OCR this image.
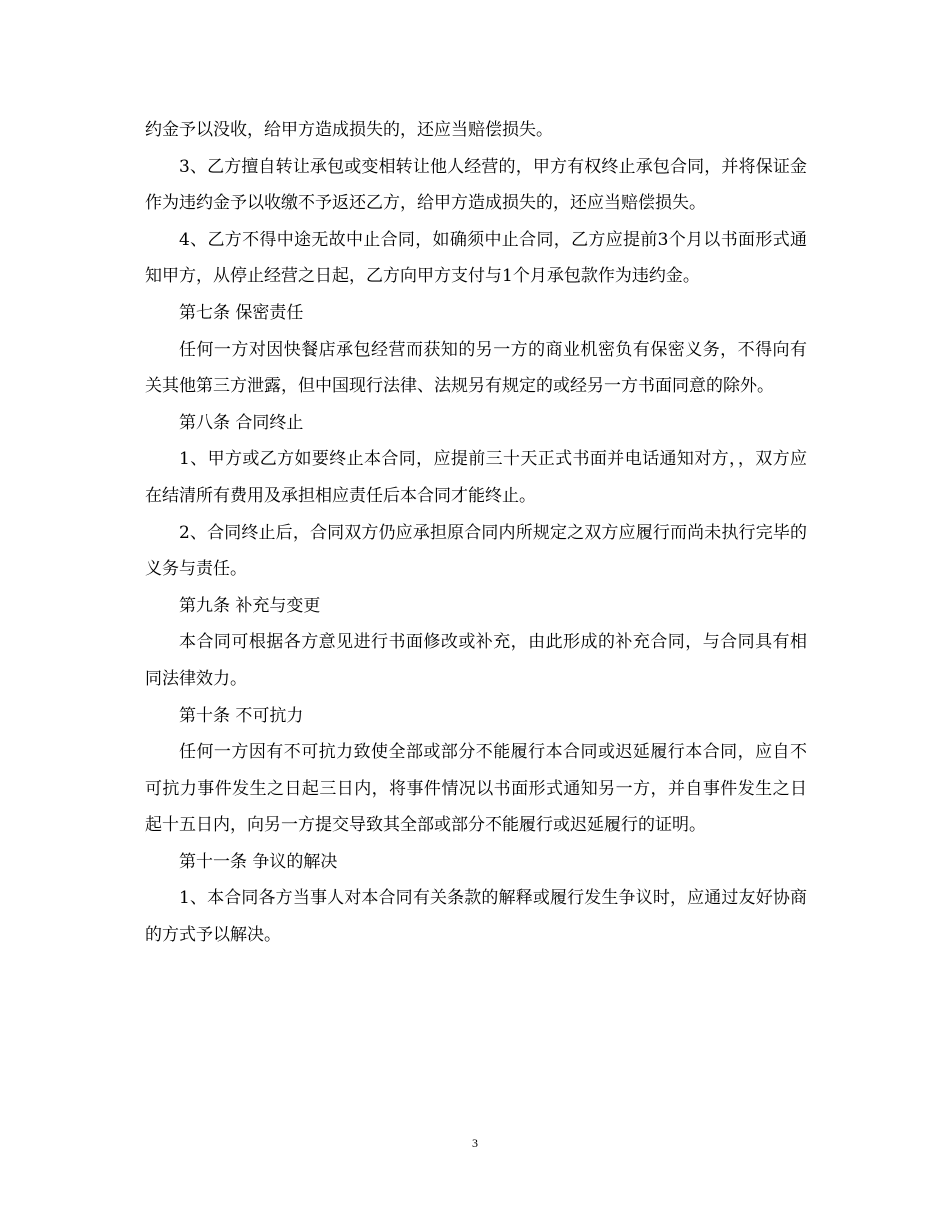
约金予以没收，给甲方造成损失的，还应当赔偿损失。

3、乙方擅自转让承包或变相转让他人经营的，甲方有权终止承包合同，并将保证金作为违约金予以收缴不予返还乙方，给甲方造成损失的，还应当赔偿损失。

4、乙方不得中途无故中止合同，如确须中止合同，乙方应提前3个月以书面形式通知甲方，从停止经营之日起，乙方向甲方支付与1个月承包款作为违约金。

第七条 保密责任

任何一方对因快餐店承包经营而获知的另一方的商业机密负有保密义务，不得向有关其他第三方泄露，但中国现行法律、法规另有规定的或经另一方书面同意的除外。

第八条 合同终止

1、甲方或乙方如要终止本合同，应提前三十天正式书面并电话通知对方，，双方应在结清所有费用及承担相应责任后本合同才能终止。

2、合同终止后，合同双方仍应承担原合同内所规定之双方应履行而尚未执行完毕的义务与责任。

第九条 补充与变更

本合同可根据各方意见进行书面修改或补充，由此形成的补充合同，与合同具有相同法律效力。

第十条 不可抗力

任何一方因有不可抗力致使全部或部分不能履行本合同或迟延履行本合同，应自不可抗力事件发生之日起三日内，将事件情况以书面形式通知另一方，并自事件发生之日起十五日内，向另一方提交导致其全部或部分不能履行或迟延履行的证明。

第十一条 争议的解决

1、本合同各方当事人对本合同有关条款的解释或履行发生争议时，应通过友好协商的方式予以解决。

3
